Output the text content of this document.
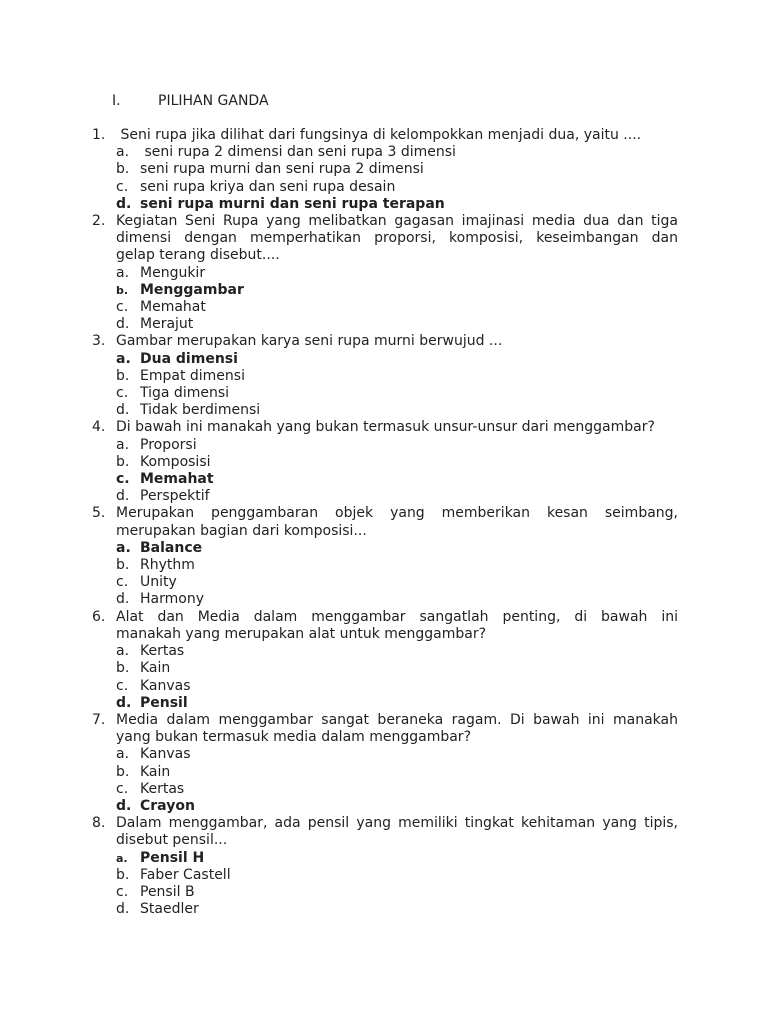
I.	PILIHAN GANDA
1. Seni rupa jika dilihat dari fungsinya di kelompokkan menjadi dua, yaitu ....
a. seni rupa 2 dimensi dan seni rupa 3 dimensi
b. seni rupa murni dan seni rupa 2 dimensi
c. seni rupa kriya dan seni rupa desain
d. seni rupa murni dan seni rupa terapan
2. Kegiatan Seni Rupa yang melibatkan gagasan imajinasi media dua dan tiga
dimensi dengan memperhatikan proporsi, komposisi, keseimbangan dan
gelap terang disebut....
a. Mengukir
b. Menggambar
c. Memahat
d. Merajut
3. Gambar merupakan karya seni rupa murni berwujud ...
a. Dua dimensi
b. Empat dimensi
c. Tiga dimensi
d. Tidak berdimensi
4. Di bawah ini manakah yang bukan termasuk unsur-unsur dari menggambar?
a. Proporsi
b. Komposisi
c. Memahat
d. Perspektif
5. Merupakan penggambaran objek yang memberikan kesan seimbang,
merupakan bagian dari komposisi...
a. Balance
b. Rhythm
c. Unity
d. Harmony
6. Alat dan Media dalam menggambar sangatlah penting, di bawah ini
manakah yang merupakan alat untuk menggambar?
a. Kertas
b. Kain
c. Kanvas
d. Pensil
7. Media dalam menggambar sangat beraneka ragam. Di bawah ini manakah
yang bukan termasuk media dalam menggambar?
a. Kanvas
b. Kain
c. Kertas
d. Crayon
8. Dalam menggambar, ada pensil yang memiliki tingkat kehitaman yang tipis,
disebut pensil...
a. Pensil H
b. Faber Castell
c. Pensil B
d. Staedler
